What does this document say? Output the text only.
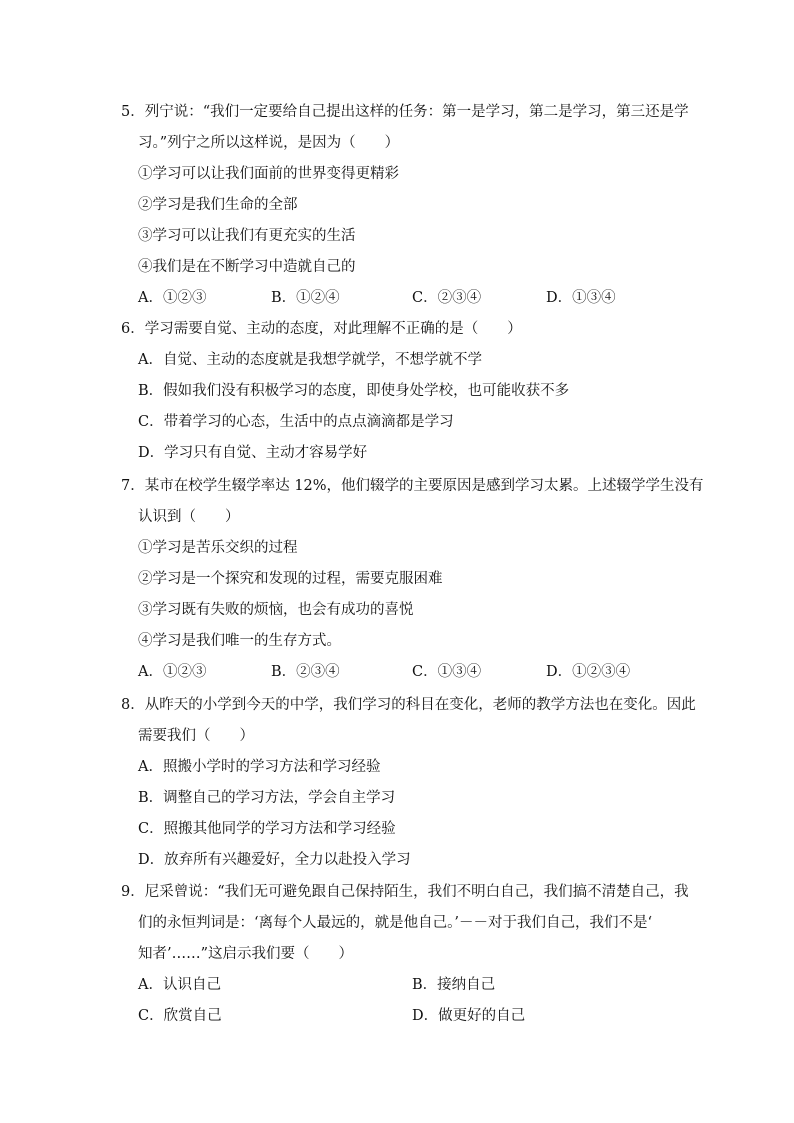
5．列宁说：“我们一定要给自己提出这样的任务：第一是学习，第二是学习，第三还是学
习。”列宁之所以这样说，是因为（　　）
①学习可以让我们面前的世界变得更精彩
②学习是我们生命的全部
③学习可以让我们有更充实的生活
④我们是在不断学习中造就自己的
A．①②③	B．①②④	C．②③④	D．①③④
6．学习需要自觉、主动的态度，对此理解不正确的是（　　）
A．自觉、主动的态度就是我想学就学，不想学就不学
B．假如我们没有积极学习的态度，即使身处学校，也可能收获不多
C．带着学习的心态，生活中的点点滴滴都是学习
D．学习只有自觉、主动才容易学好
7．某市在校学生辍学率达 12%，他们辍学的主要原因是感到学习太累。上述辍学学生没有
认识到（　　）
①学习是苦乐交织的过程
②学习是一个探究和发现的过程，需要克服困难
③学习既有失败的烦恼，也会有成功的喜悦
④学习是我们唯一的生存方式。
A．①②③	B．②③④	C．①③④	D．①②③④
8．从昨天的小学到今天的中学，我们学习的科目在变化，老师的教学方法也在变化。因此
需要我们（　　）
A．照搬小学时的学习方法和学习经验
B．调整自己的学习方法，学会自主学习
C．照搬其他同学的学习方法和学习经验
D．放弃所有兴趣爱好，全力以赴投入学习
9．尼采曾说：“我们无可避免跟自己保持陌生，我们不明白自己，我们搞不清楚自己，我
们的永恒判词是：‘离每个人最远的，就是他自己。’－－对于我们自己，我们不是‘
知者’……”这启示我们要（　　）
A．认识自己	B．接纳自己
C．欣赏自己	D．做更好的自己
